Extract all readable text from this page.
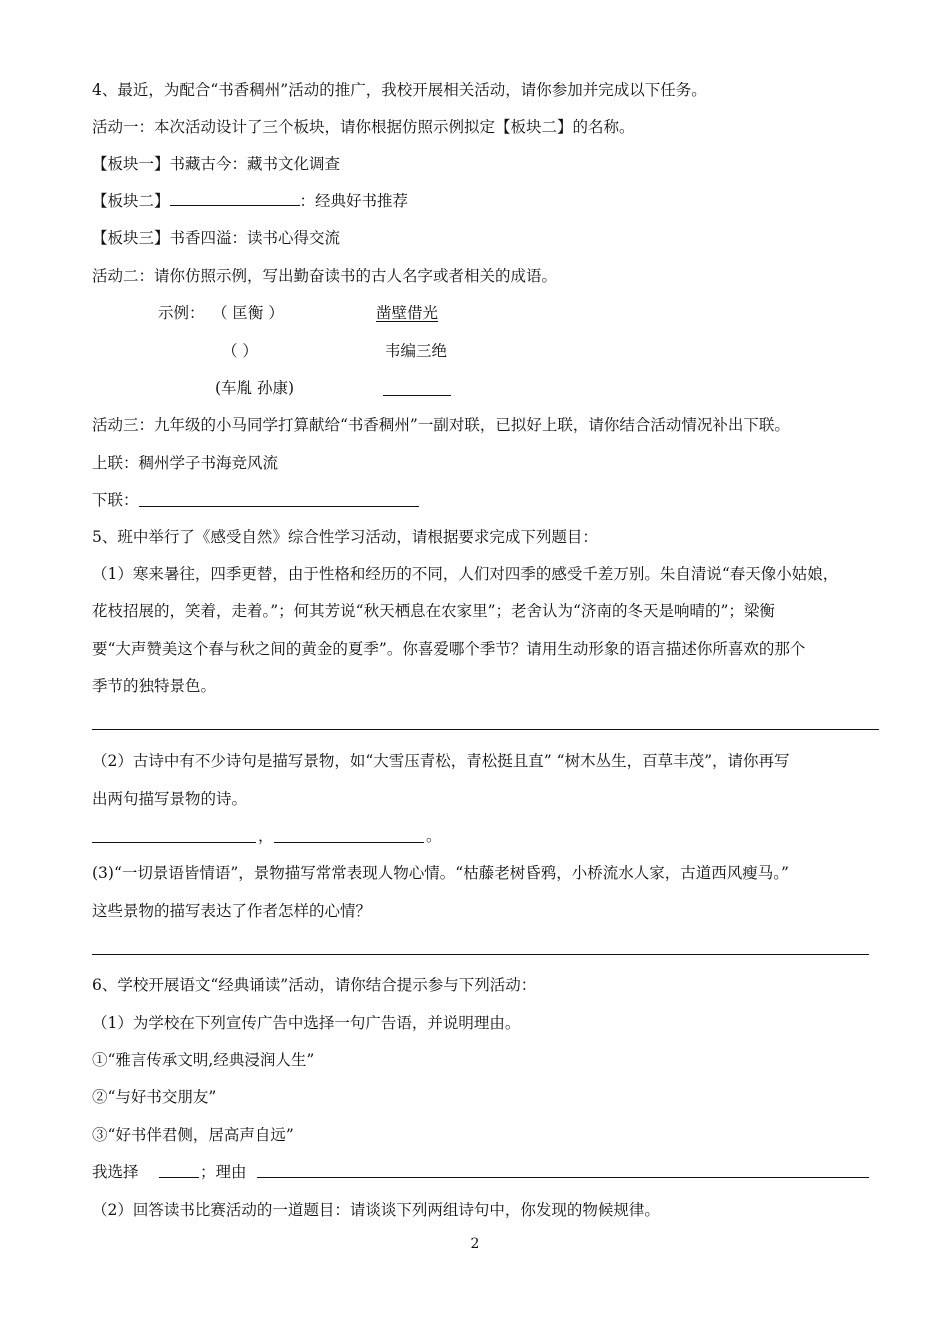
4、最近，为配合“书香稠州”活动的推广，我校开展相关活动，请你参加并完成以下任务。
活动一：本次活动设计了三个板块，请你根据仿照示例拟定【板块二】的名称。
【板块一】书藏古今：藏书文化调查
【板块二】	：经典好书推荐
【板块三】书香四溢：读书心得交流
活动二：请你仿照示例，写出勤奋读书的古人名字或者相关的成语。
示例： （ 匡衡 ）	凿壁借光
（ ）	韦编三绝
(车胤 孙康)
活动三：九年级的小马同学打算献给“书香稠州”一副对联，已拟好上联，请你结合活动情况补出下联。
上联：稠州学子书海竞风流
下联：
5、班中举行了《感受自然》综合性学习活动，请根据要求完成下列题目：
（1）寒来暑往，四季更替，由于性格和经历的不同，人们对四季的感受千差万别。朱自清说“春天像小姑娘，
花枝招展的，笑着，走着。”；何其芳说“秋天栖息在农家里”；老舍认为“济南的冬天是响晴的”；梁衡
要“大声赞美这个春与秋之间的黄金的夏季”。你喜爱哪个季节？请用生动形象的语言描述你所喜欢的那个
季节的独特景色。
（2）古诗中有不少诗句是描写景物，如“大雪压青松，青松挺且直” “树木丛生，百草丰茂”，请你再写
出两句描写景物的诗。
，	。
(3)“一切景语皆情语”，景物描写常常表现人物心情。“枯藤老树昏鸦，小桥流水人家，古道西风瘦马。”
这些景物的描写表达了作者怎样的心情？
6、学校开展语文“经典诵读”活动，请你结合提示参与下列活动：
（1）为学校在下列宣传广告中选择一句广告语，并说明理由。
①“雅言传承文明,经典浸润人生”
②“与好书交朋友”
③“好书伴君侧，居高声自远”
我选择	；理由
（2）回答读书比赛活动的一道题目：请谈谈下列两组诗句中，你发现的物候规律。
2
